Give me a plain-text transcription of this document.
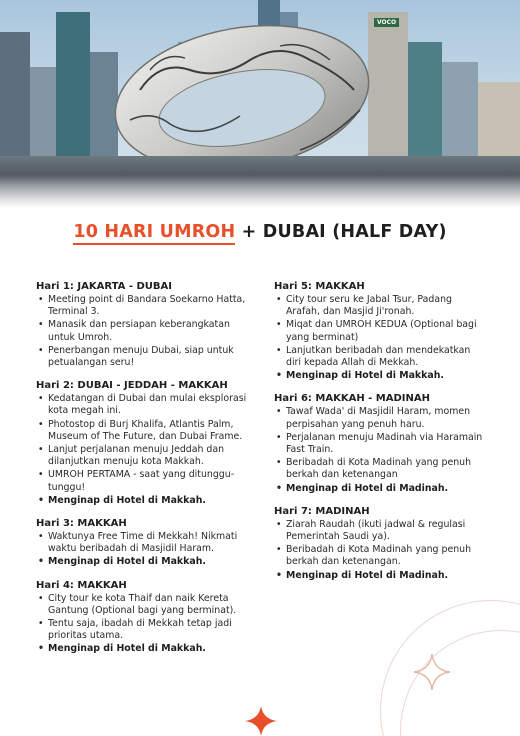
VOCO
10 HARI UMROH + DUBAI (HALF DAY)
Hari 1: JAKARTA - DUBAI
• Meeting point di Bandara Soekarno Hatta, Terminal 3.
• Manasik dan persiapan keberangkatan untuk Umroh.
• Penerbangan menuju Dubai, siap untuk petualangan seru!
Hari 2: DUBAI - JEDDAH - MAKKAH
• Kedatangan di Dubai dan mulai eksplorasi kota megah ini.
• Photostop di Burj Khalifa, Atlantis Palm, Museum of The Future, dan Dubai Frame.
• Lanjut perjalanan menuju Jeddah dan dilanjutkan menuju kota Makkah.
• UMROH PERTAMA - saat yang ditunggu-tunggu!
• Menginap di Hotel di Makkah.
Hari 3: MAKKAH
• Waktunya Free Time di Mekkah! Nikmati waktu beribadah di Masjidil Haram.
• Menginap di Hotel di Makkah.
Hari 4: MAKKAH
• City tour ke kota Thaif dan naik Kereta Gantung (Optional bagi yang berminat).
• Tentu saja, ibadah di Mekkah tetap jadi prioritas utama.
• Menginap di Hotel di Makkah.
Hari 5: MAKKAH
• City tour seru ke Jabal Tsur, Padang Arafah, dan Masjid Ji'ronah.
• Miqat dan UMROH KEDUA (Optional bagi yang berminat)
• Lanjutkan beribadah dan mendekatkan diri kepada Allah di Mekkah.
• Menginap di Hotel di Makkah.
Hari 6: MAKKAH - MADINAH
• Tawaf Wada' di Masjidil Haram, momen perpisahan yang penuh haru.
• Perjalanan menuju Madinah via Haramain Fast Train.
• Beribadah di Kota Madinah yang penuh berkah dan ketenangan
• Menginap di Hotel di Madinah.
Hari 7: MADINAH
• Ziarah Raudah (ikuti jadwal & regulasi Pemerintah Saudi ya).
• Beribadah di Kota Madinah yang penuh berkah dan ketenangan.
• Menginap di Hotel di Madinah.
